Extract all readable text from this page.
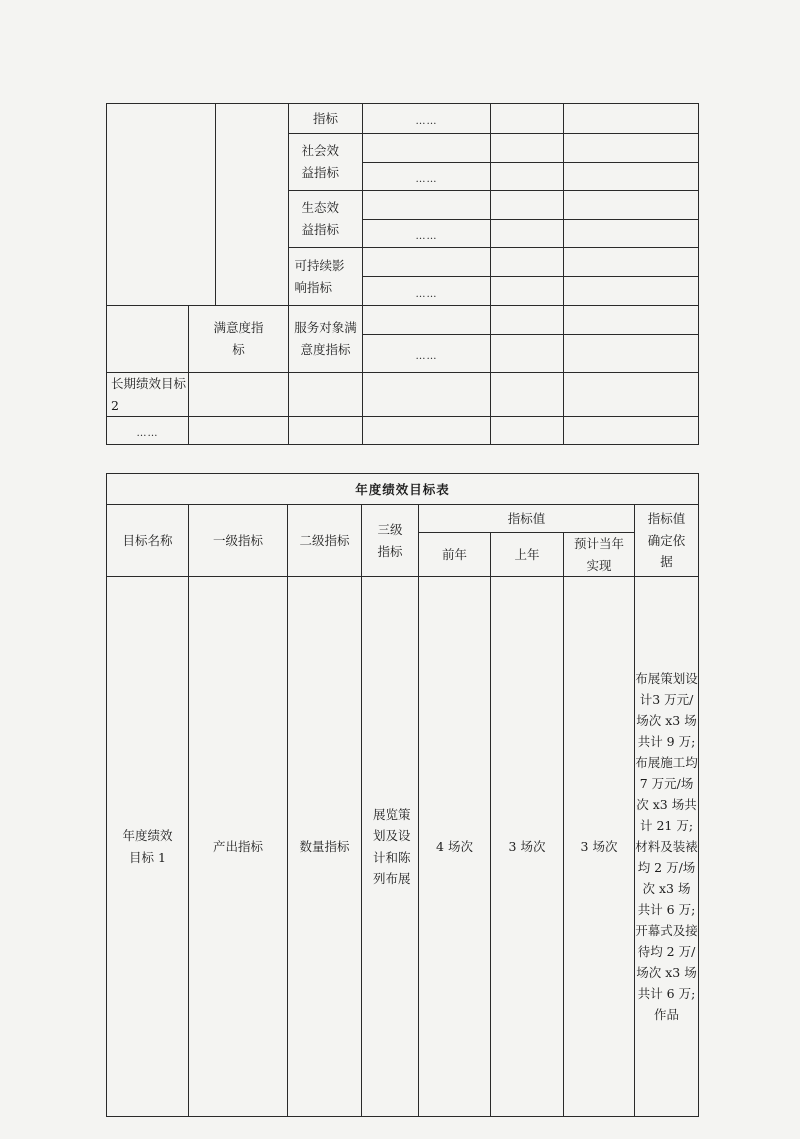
			指标	……		
			社会效益指标			
				……		
			生态效益指标			
				……		
			可持续影响指标			
				……		
	满意度指标		服务对象满意度指标			
				……		
长期绩效目标 2						
……						
年度绩效目标表							
目标名称	一级指标	二级指标	三级指标	指标值			指标值确定依据
				前年	上年	预计当年实现	
年度绩效目标 1	产出指标	数量指标	展览策划及设计和陈列布展	4 场次	3 场次	3 场次	布展策划设计3 万元/场次 x3 场共计 9 万;布展施工均 7 万元/场次 x3 场共计 21 万;材料及装裱均 2 万/场次 x3 场 共计 6 万; 开幕式及接待均 2 万/场次 x3 场共计 6 万;作品
